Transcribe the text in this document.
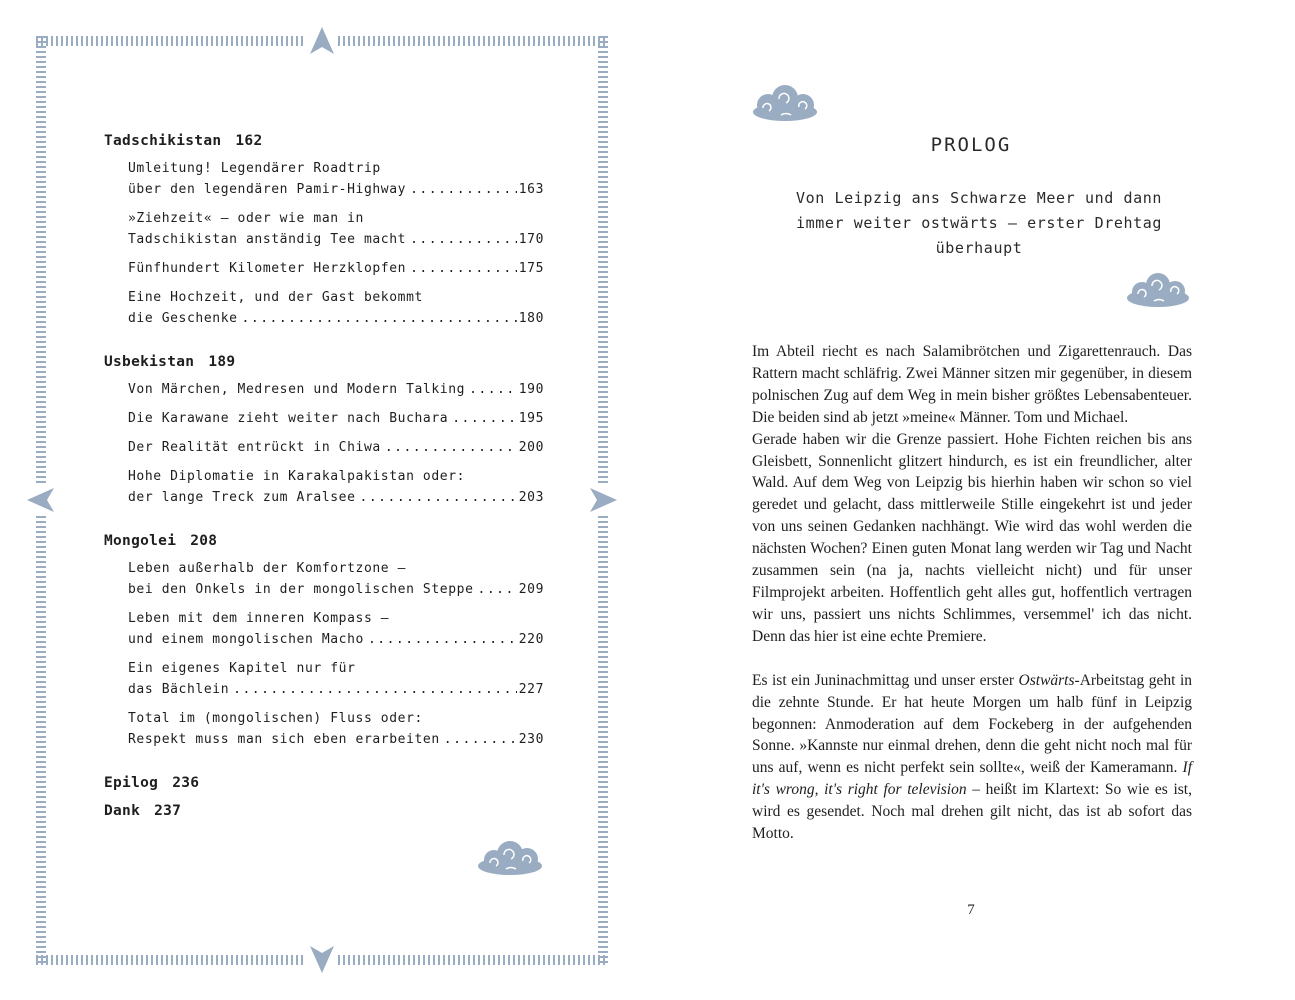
Tadschikistan 162
Umleitung! Legendärer Roadtrip
über den legendären Pamir-Highway .....	163
»Ziehzeit« – oder wie man in
Tadschikistan anständig Tee macht .....	170
Fünfhundert Kilometer Herzklopfen .....	175
Eine Hochzeit, und der Gast bekommt
die Geschenke .....	180
Usbekistan 189
Von Märchen, Medresen und Modern Talking .....	190
Die Karawane zieht weiter nach Buchara .....	195
Der Realität entrückt in Chiwa .....	200
Hohe Diplomatie in Karakalpakistan oder:
der lange Treck zum Aralsee .....	203
Mongolei 208
Leben außerhalb der Komfortzone –
bei den Onkels in der mongolischen Steppe .....	209
Leben mit dem inneren Kompass –
und einem mongolischen Macho .....	220
Ein eigenes Kapitel nur für
das Bächlein .....	227
Total im (mongolischen) Fluss oder:
Respekt muss man sich eben erarbeiten .....	230
Epilog 236
Dank 237
PROLOG
Von Leipzig ans Schwarze Meer und dann
immer weiter ostwärts – erster Drehtag
überhaupt

Im Abteil riecht es nach Salamibrötchen und Zigarettenrauch. Das Rattern macht schläfrig. Zwei Männer sitzen mir gegenüber, in diesem polnischen Zug auf dem Weg in mein bisher größtes Lebensabenteuer. Die beiden sind ab jetzt »meine« Männer. Tom und Michael.

Gerade haben wir die Grenze passiert. Hohe Fichten reichen bis ans Gleisbett, Sonnenlicht glitzert hindurch, es ist ein freundlicher, alter Wald. Auf dem Weg von Leipzig bis hierhin haben wir schon so viel geredet und gelacht, dass mittlerweile Stille eingekehrt ist und jeder von uns seinen Gedanken nachhängt. Wie wird das wohl werden die nächsten Wochen? Einen guten Monat lang werden wir Tag und Nacht zusammen sein (na ja, nachts vielleicht nicht) und für unser Filmprojekt arbeiten. Hoffentlich geht alles gut, hoffentlich vertragen wir uns, passiert uns nichts Schlimmes, versemmel' ich das nicht. Denn das hier ist eine echte Premiere.

Es ist ein Juninachmittag und unser erster Ostwärts-Arbeitstag geht in die zehnte Stunde. Er hat heute Morgen um halb fünf in Leipzig begonnen: Anmoderation auf dem Fockeberg in der aufgehenden Sonne. »Kannste nur einmal drehen, denn die geht nicht noch mal für uns auf, wenn es nicht perfekt sein sollte«, weiß der Kameramann. If it's wrong, it's right for television – heißt im Klartext: So wie es ist, wird es gesendet. Noch mal drehen gilt nicht, das ist ab sofort das Motto.

7
